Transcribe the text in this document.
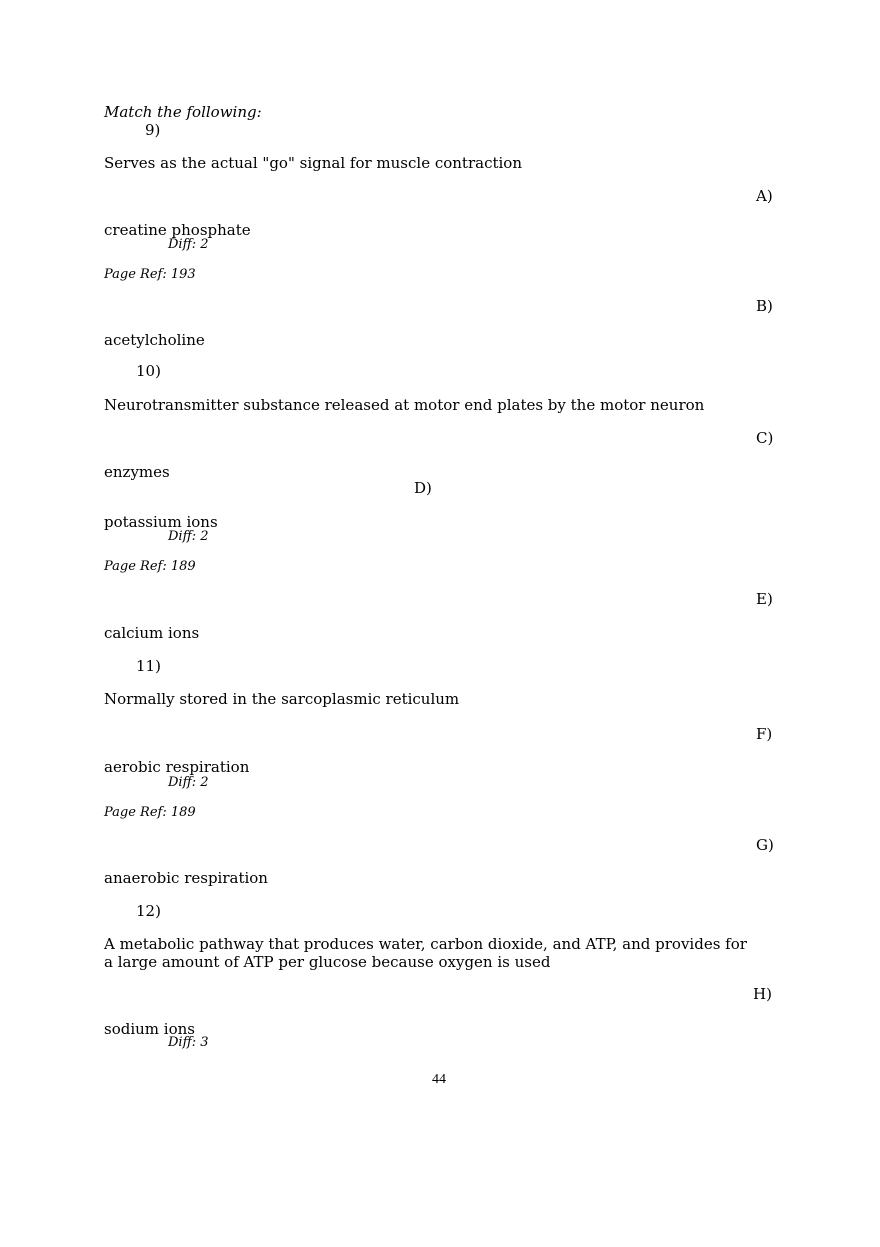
Match the following:
9)
Serves as the actual "go" signal for muscle contraction
A)
creatine phosphate
Diff: 2
Page Ref: 193
B)
acetylcholine
10)
Neurotransmitter substance released at motor end plates by the motor neuron
C)
enzymes
D)
potassium ions
Diff: 2
Page Ref: 189
E)
calcium ions
11)
Normally stored in the sarcoplasmic reticulum
F)
aerobic respiration
Diff: 2
Page Ref: 189
G)
anaerobic respiration
12)
A metabolic pathway that produces water, carbon dioxide, and ATP, and provides for a large amount of ATP per glucose because oxygen is used
H)
sodium ions
Diff: 3
44
